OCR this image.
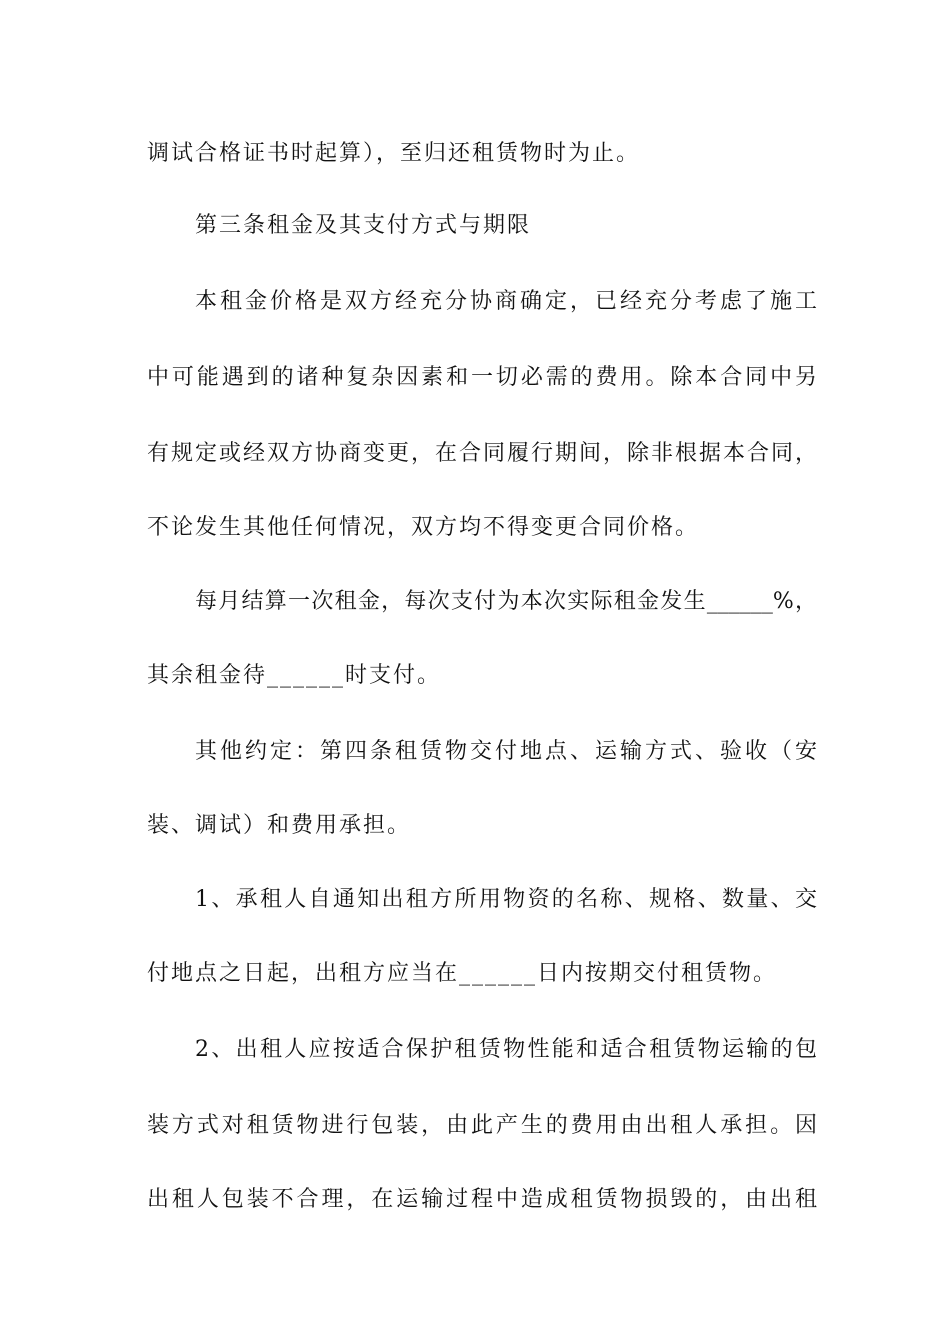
调试合格证书时起算），至归还租赁物时为止。
第三条租金及其支付方式与期限
本租金价格是双方经充分协商确定，已经充分考虑了施工
中可能遇到的诸种复杂因素和一切必需的费用。除本合同中另
有规定或经双方协商变更，在合同履行期间，除非根据本合同，
不论发生其他任何情况，双方均不得变更合同价格。
每月结算一次租金，每次支付为本次实际租金发生______%，
其余租金待______时支付。
其他约定：第四条租赁物交付地点、运输方式、验收（安
装、调试）和费用承担。
1、承租人自通知出租方所用物资的名称、规格、数量、交
付地点之日起，出租方应当在______日内按期交付租赁物。
2、出租人应按适合保护租赁物性能和适合租赁物运输的包
装方式对租赁物进行包装，由此产生的费用由出租人承担。因
出租人包装不合理，在运输过程中造成租赁物损毁的，由出租
